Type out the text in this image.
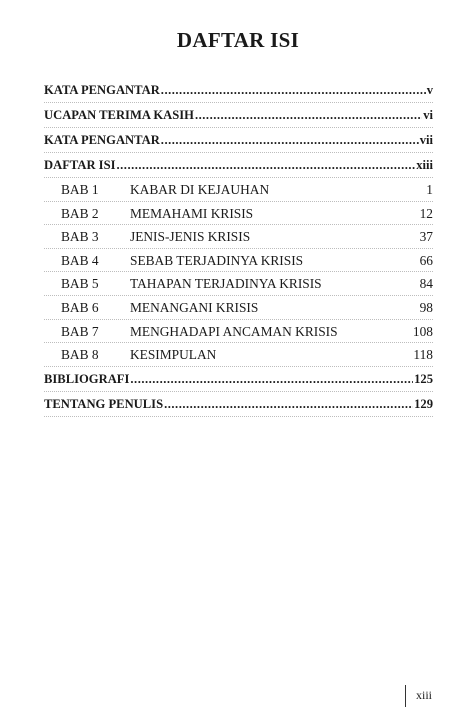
DAFTAR ISI
KATA PENGANTAR .....	v
UCAPAN TERIMA KASIH .....	vi
KATA PENGANTAR .....	vii
DAFTAR ISI .....	xiii
BAB 1	KABAR DI KEJAUHAN	1
BAB 2	MEMAHAMI KRISIS	12
BAB 3	JENIS-JENIS KRISIS	37
BAB 4	SEBAB TERJADINYA KRISIS	66
BAB 5	TAHAPAN TERJADINYA KRISIS	84
BAB 6	MENANGANI KRISIS	98
BAB 7	MENGHADAPI ANCAMAN KRISIS	108
BAB 8	KESIMPULAN	118
BIBLIOGRAFI .....	125
TENTANG PENULIS .....	129
xiii
